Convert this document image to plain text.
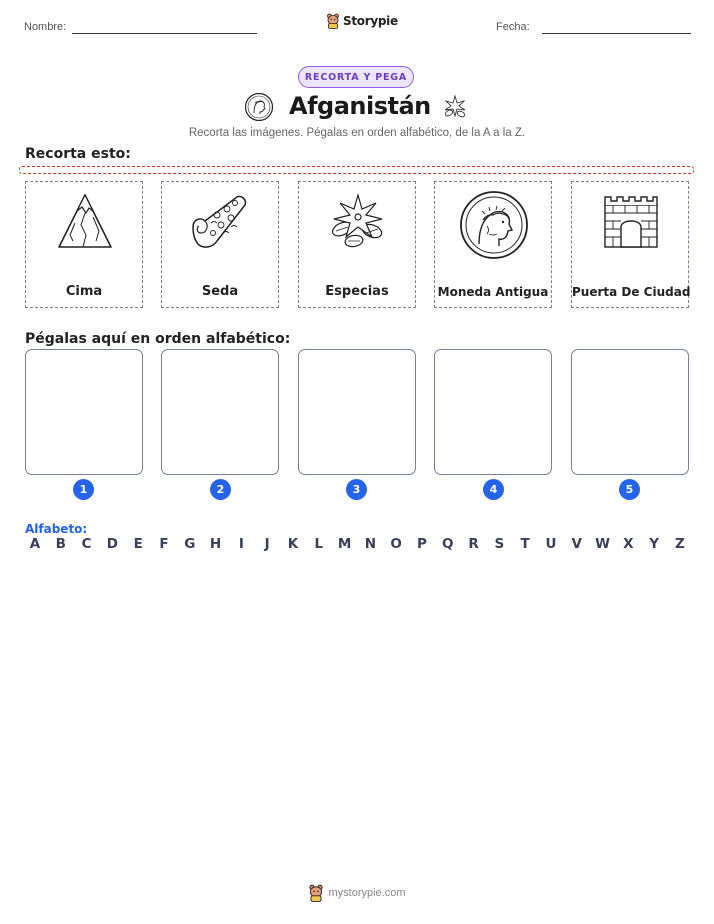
Nombre:	Storypie	Fecha:
RECORTA Y PEGA
Afganistán
Recorta las imágenes. Pégalas en orden alfabético, de la A a la Z.
Recorta esto:
Cima	Seda	Especias	Moneda Antigua Puerta De Ciudad
Pégalas aquí en orden alfabético:
1	2	3	4	5
Alfabeto:
A	B	C	D	E	F	G	H	I	J	K	L	M N	O	P	Q	R	S	T	U	V W X	Y	Z
mystorypie.com
